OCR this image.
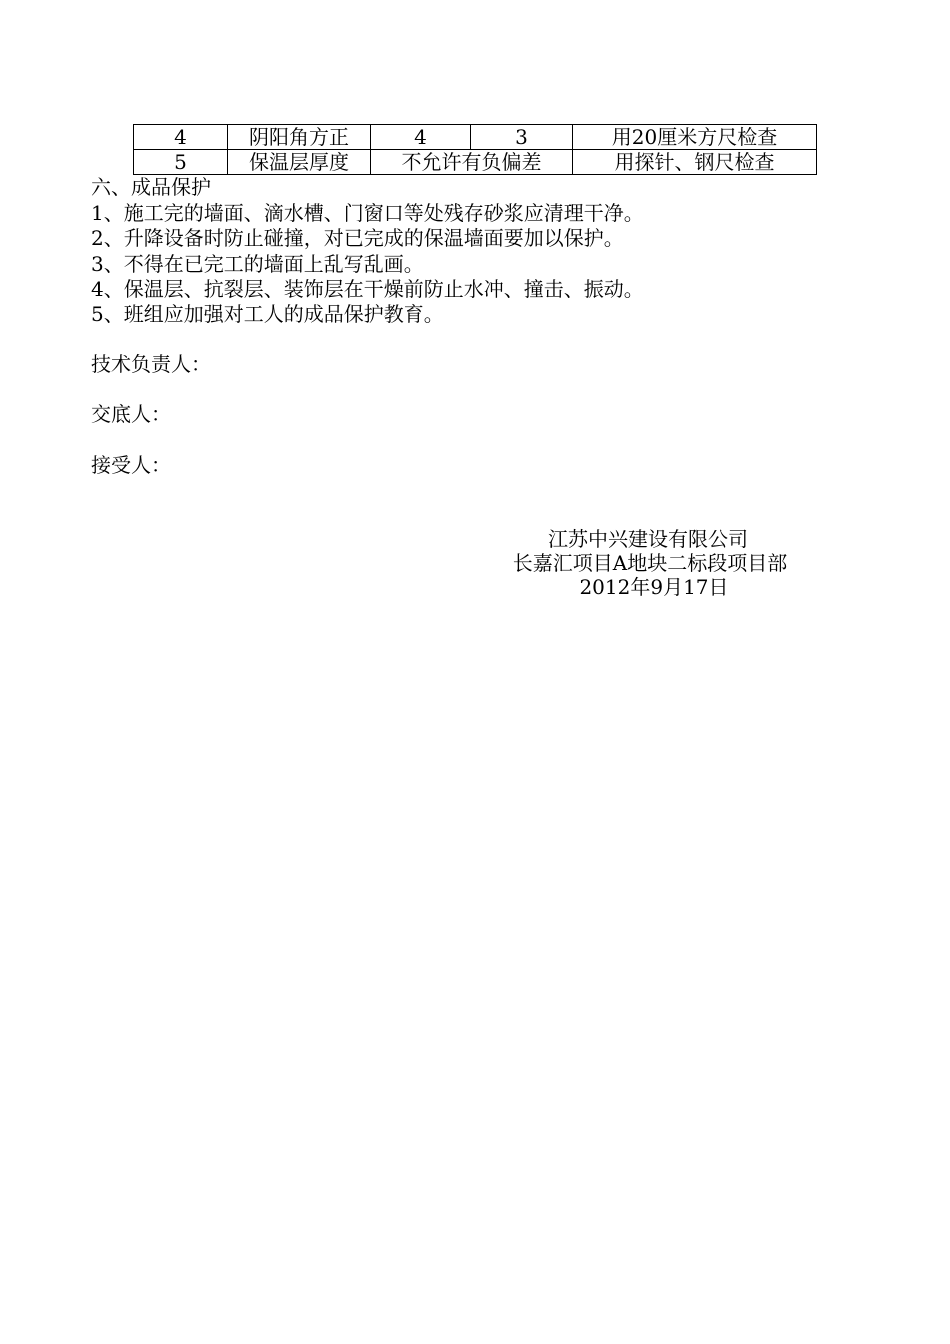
4	阴阳角方正	4	3	用20厘米方尺检查
5	保温层厚度	不允许有负偏差		用探针、钢尺检查
六、成品保护
1、施工完的墙面、滴水槽、门窗口等处残存砂浆应清理干净。
2、升降设备时防止碰撞，对已完成的保温墙面要加以保护。
3、不得在已完工的墙面上乱写乱画。
4、保温层、抗裂层、装饰层在干燥前防止水冲、撞击、振动。
5、班组应加强对工人的成品保护教育。
技术负责人：
交底人：
接受人：
江苏中兴建设有限公司
长嘉汇项目A地块二标段项目部
2012年9月17日
